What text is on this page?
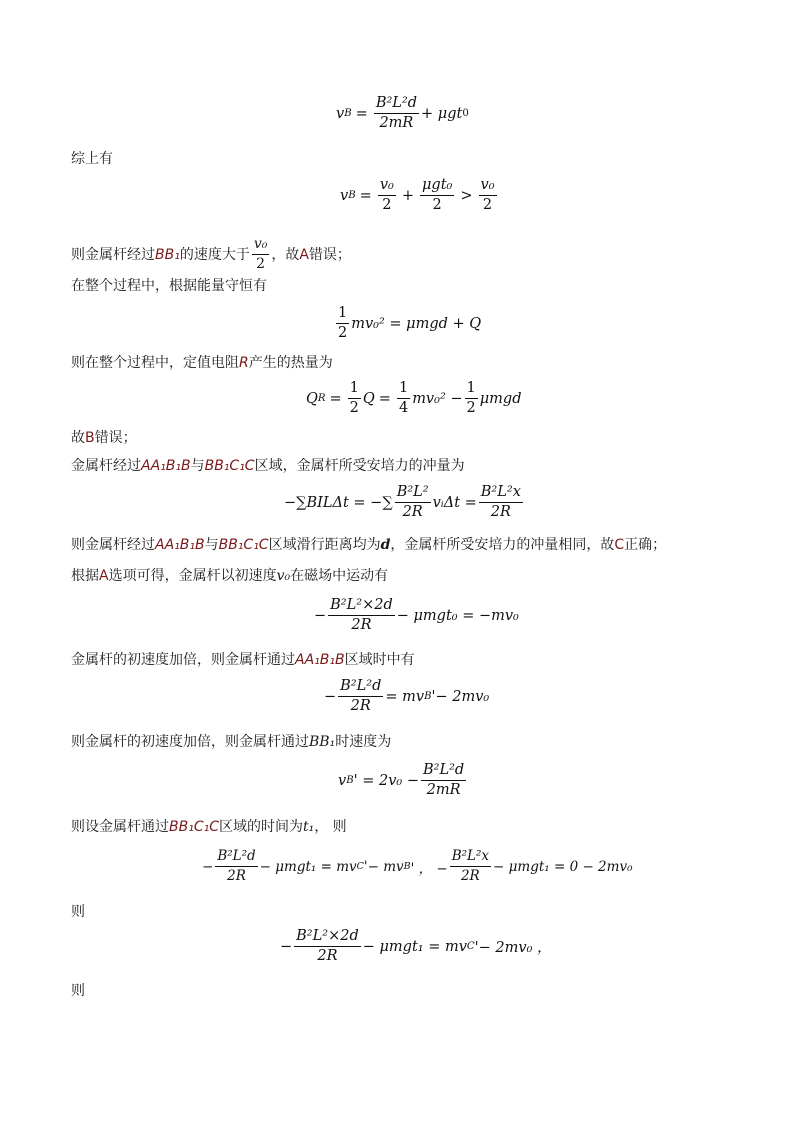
v $B = \frac{\text{B²L²d}}{2mR} + \mu gt$ 0
综上有
v $B = \frac{\text{v₀}}{2} + \frac{\text{μgt₀}}{2} > \frac{\text{v₀}}{2}$
则金属杆经过 BB₁ 的速度大于 $\frac{\text{v₀}}{2}$ ，故 A 错误；
在整个过程中，根据能量守恒有
$\frac{1}{2} mv_0^2 = \mu mgd + Q$
则在整个过程中，定值电阻R产生的热量为
Q $R = \frac{1}{2}$ $Q = \frac{1}{4} mv_0^2 - \frac{1}{2}$ μmgd
故B错误；
金属杆经过AA₁B₁B与BB₁C₁C区域，金属杆所受安培力的冲量为
−∑BILΔt = −∑ $\frac{\text{B²L²}}{2R}$ vᵢΔt = $\frac{\text{B²L²x}}{2R}$
则金属杆经过AA₁B₁B与BB₁C₁C区域滑行距离均为d，金属杆所受安培力的冲量相同，故C正确；
根据A选项可得，金属杆以初速度v₀在磁场中运动有
− $\frac{\text{B²L²×2d}}{2R} - \mu mgt_0 = -mv_0$
金属杆的初速度加倍，则金属杆通过AA₁B₁B区域时中有
− $\frac{\text{B²L²d}}{2R}$ = mv B '− 2mv₀
则金属杆的初速度加倍，则金属杆通过BB₁时速度为
v B ' = $2v_0 - \frac{\text{B²L²d}}{2mR}$
则设金属杆通过BB₁C₁C区域的时间为t₁， 则
− $\frac{\text{B²L²d}}{2R} - \mu mgt_1$ = mv C '− mv B ' ， − $\frac{\text{B²L²x}}{2R} - \mu mgt_1 = 0 - 2mv_0$
则
− $\frac{\text{B²L²×2d}}{2R} - \mu mgt_1$ = mv C '− 2mv₀ ，
则
